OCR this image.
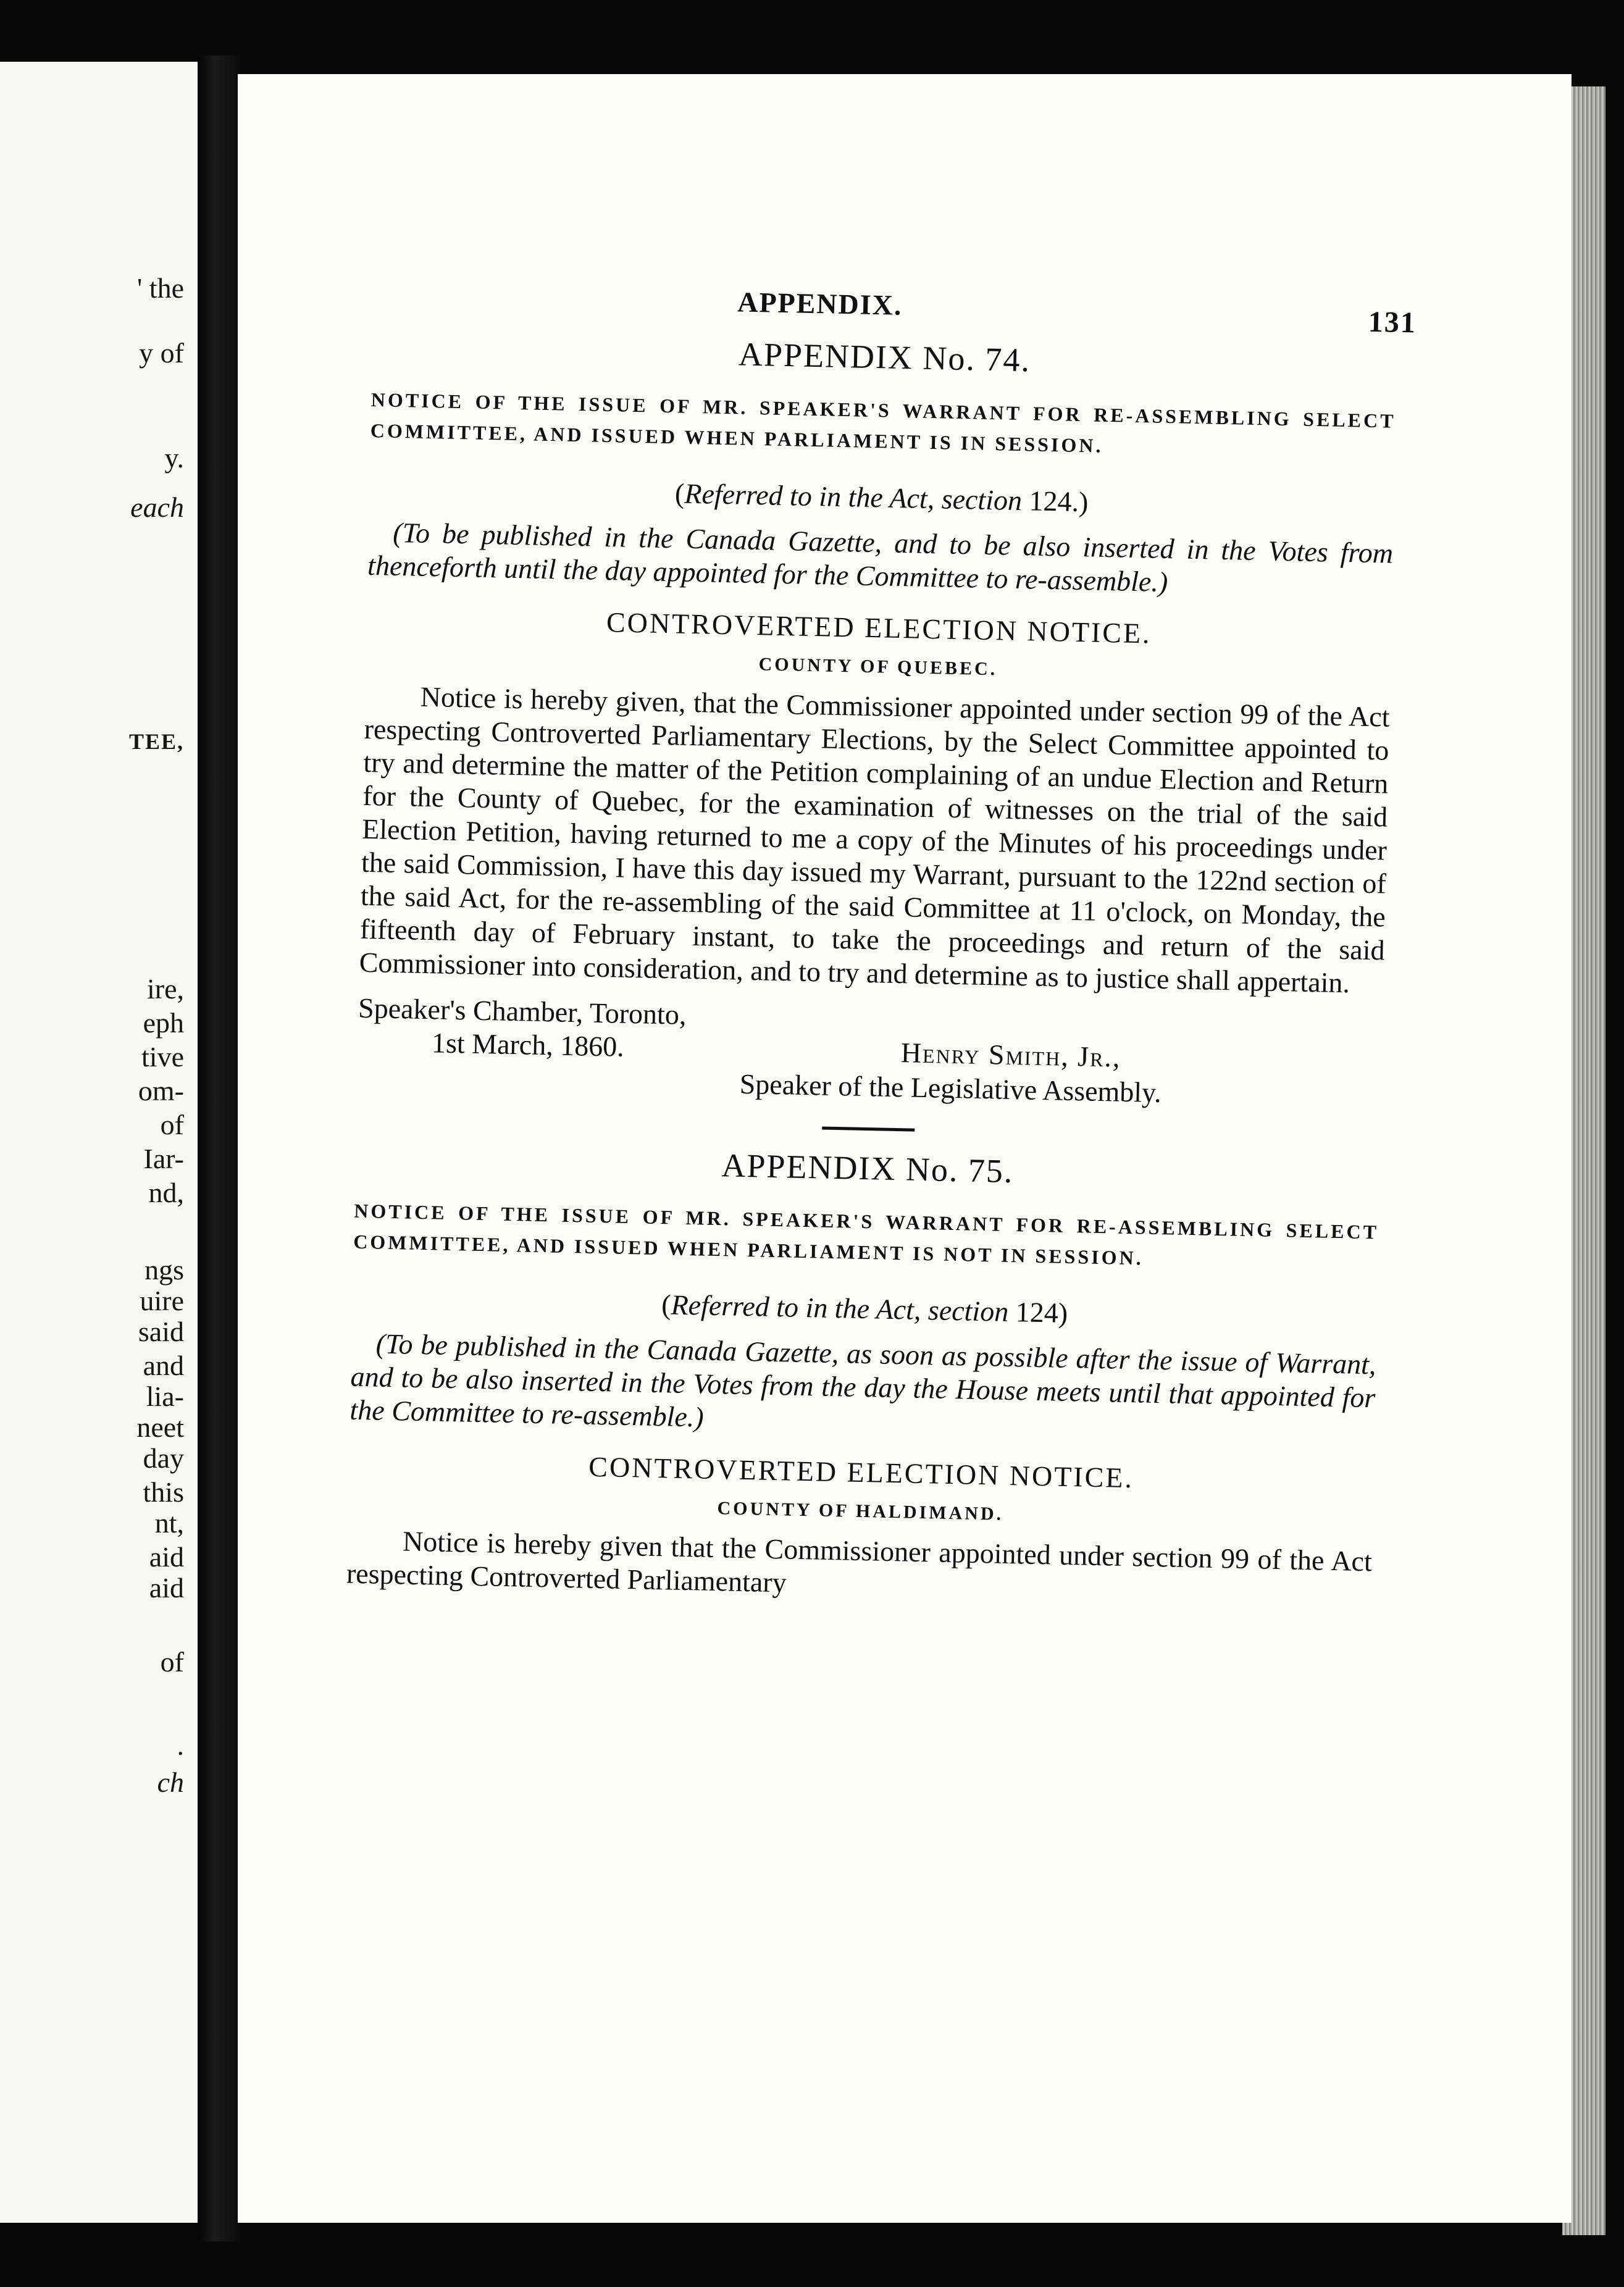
' the
y of
y.
each
TEE,
ire,
eph
tive
om-
of
Iar-
nd,
ngs
uire
said
and
lia-
neet
day
this
nt,
aid
aid
of
.
ch
APPENDIX.
131
APPENDIX No. 74.

NOTICE OF THE ISSUE OF MR. SPEAKER'S WARRANT FOR RE-ASSEMBLING SELECT COMMITTEE, AND ISSUED WHEN PARLIAMENT IS IN SESSION.

(Referred to in the Act, section 124.)

(To be published in the Canada Gazette, and to be also inserted in the Votes from thenceforth until the day appointed for the Committee to re-assemble.)

CONTROVERTED ELECTION NOTICE.

COUNTY OF QUEBEC.

Notice is hereby given, that the Commissioner appointed under section 99 of the Act respecting Controverted Parliamentary Elections, by the Select Committee appointed to try and determine the matter of the Petition complaining of an undue Election and Return for the County of Quebec, for the examination of witnesses on the trial of the said Election Petition, having returned to me a copy of the Minutes of his proceedings under the said Commission, I have this day issued my Warrant, pursuant to the 122nd section of the said Act, for the re-assembling of the said Committee at 11 o'clock, on Monday, the fifteenth day of February instant, to take the proceedings and return of the said Commissioner into consideration, and to try and determine as to justice shall appertain.

Speaker's Chamber, Toronto,

1st March, 1860.	Henry Smith, Jr.,
Speaker of the Legislative Assembly.
APPENDIX No. 75.

NOTICE OF THE ISSUE OF MR. SPEAKER'S WARRANT FOR RE-ASSEMBLING SELECT COMMITTEE, AND ISSUED WHEN PARLIAMENT IS NOT IN SESSION.

(Referred to in the Act, section 124)

(To be published in the Canada Gazette, as soon as possible after the issue of Warrant, and to be also inserted in the Votes from the day the House meets until that appointed for the Committee to re-assemble.)

CONTROVERTED ELECTION NOTICE.

COUNTY OF HALDIMAND.

Notice is hereby given that the Commissioner appointed under section 99 of the Act respecting Controverted Parliamentary
